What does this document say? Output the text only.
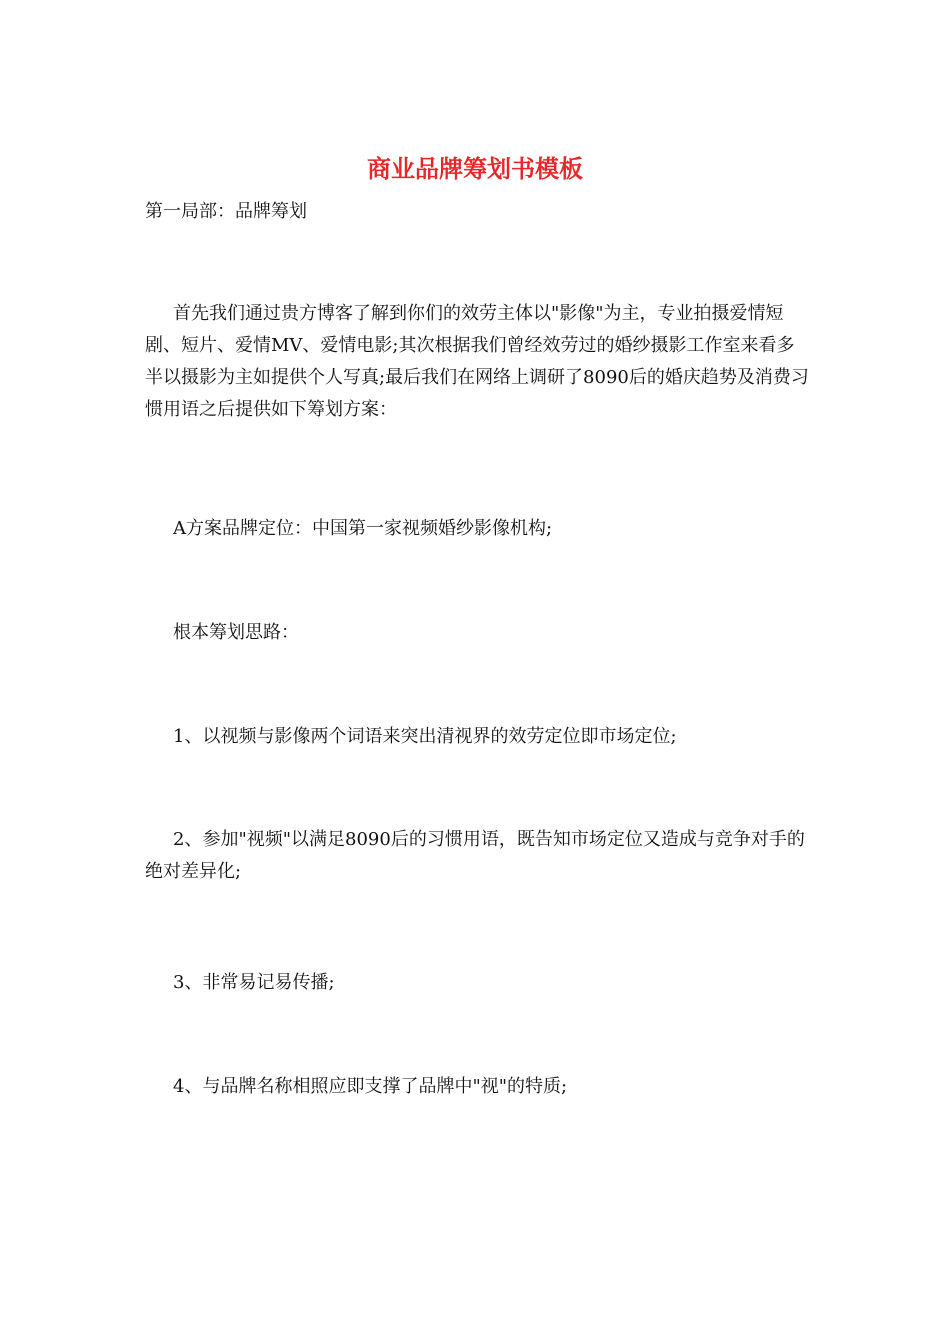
商业品牌筹划书模板
第一局部：品牌筹划

首先我们通过贵方博客了解到你们的效劳主体以"影像"为主，专业拍摄爱情短剧、短片、爱情MV、爱情电影;其次根据我们曾经效劳过的婚纱摄影工作室来看多半以摄影为主如提供个人写真;最后我们在网络上调研了8090后的婚庆趋势及消费习惯用语之后提供如下筹划方案：

A方案品牌定位：中国第一家视频婚纱影像机构;

根本筹划思路：

1、以视频与影像两个词语来突出清视界的效劳定位即市场定位;

2、参加"视频"以满足8090后的习惯用语，既告知市场定位又造成与竞争对手的绝对差异化;

3、非常易记易传播;

4、与品牌名称相照应即支撑了品牌中"视"的特质;
